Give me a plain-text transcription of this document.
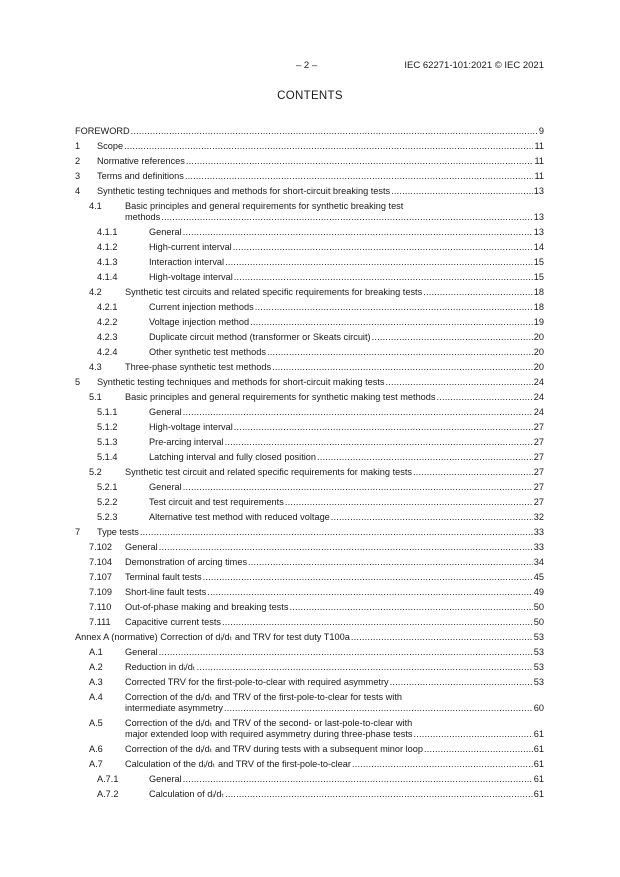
– 2 –	IEC 62271-101:2021 © IEC 2021
CONTENTS
FOREWORD .....	9
1 Scope .....	11
2 Normative references .....	11
3 Terms and definitions .....	11
4 Synthetic testing techniques and methods for short-circuit breaking tests .....	13
4.1	Basic principles and general requirements for synthetic breaking test
methods .....	13
4.1.1	General .....	13
4.1.2	High-current interval .....	14
4.1.3	Interaction interval .....	15
4.1.4	High-voltage interval .....	15
4.2	Synthetic test circuits and related specific requirements for breaking tests .....	18
4.2.1	Current injection methods .....	18
4.2.2	Voltage injection method .....	19
4.2.3	Duplicate circuit method (transformer or Skeats circuit) .....	20
4.2.4	Other synthetic test methods .....	20
4.3	Three-phase synthetic test methods .....	20
5 Synthetic testing techniques and methods for short-circuit making tests .....	24
5.1	Basic principles and general requirements for synthetic making test methods .....	24
5.1.1	General .....	24
5.1.2	High-voltage interval .....	27
5.1.3	Pre-arcing interval .....	27
5.1.4	Latching interval and fully closed position .....	27
5.2	Synthetic test circuit and related specific requirements for making tests .....	27
5.2.1	General .....	27
5.2.2	Test circuit and test requirements .....	27
5.2.3	Alternative test method with reduced voltage .....	32
7 Type tests .....	33
7.102 General .....	33
7.104 Demonstration of arcing times .....	34
7.107 Terminal fault tests .....	45
7.109 Short-line fault tests .....	49
7.110 Out-of-phase making and breaking tests .....	50
7.111 Capacitive current tests .....	50
Annex A (normative) Correction of dᵢ/dₜ and TRV for test duty T100a .....	53
A.1 General .....	53
A.2 Reduction in dᵢ/dₜ .....	53
A.3 Corrected TRV for the first-pole-to-clear with required asymmetry .....	53
A.4 Correction of the dᵢ/dₜ and TRV of the first-pole-to-clear for tests with
intermediate asymmetry .....	60
A.5 Correction of the dᵢ/dₜ and TRV of the second- or last-pole-to-clear with
major extended loop with required asymmetry during three-phase tests .....	61
A.6 Correction of the dᵢ/dₜ and TRV during tests with a subsequent minor loop .....	61
A.7 Calculation of the dᵢ/dₜ and TRV of the first-pole-to-clear .....	61
A.7.1	General .....	61
A.7.2	Calculation of dᵢ/dₜ .....	61
